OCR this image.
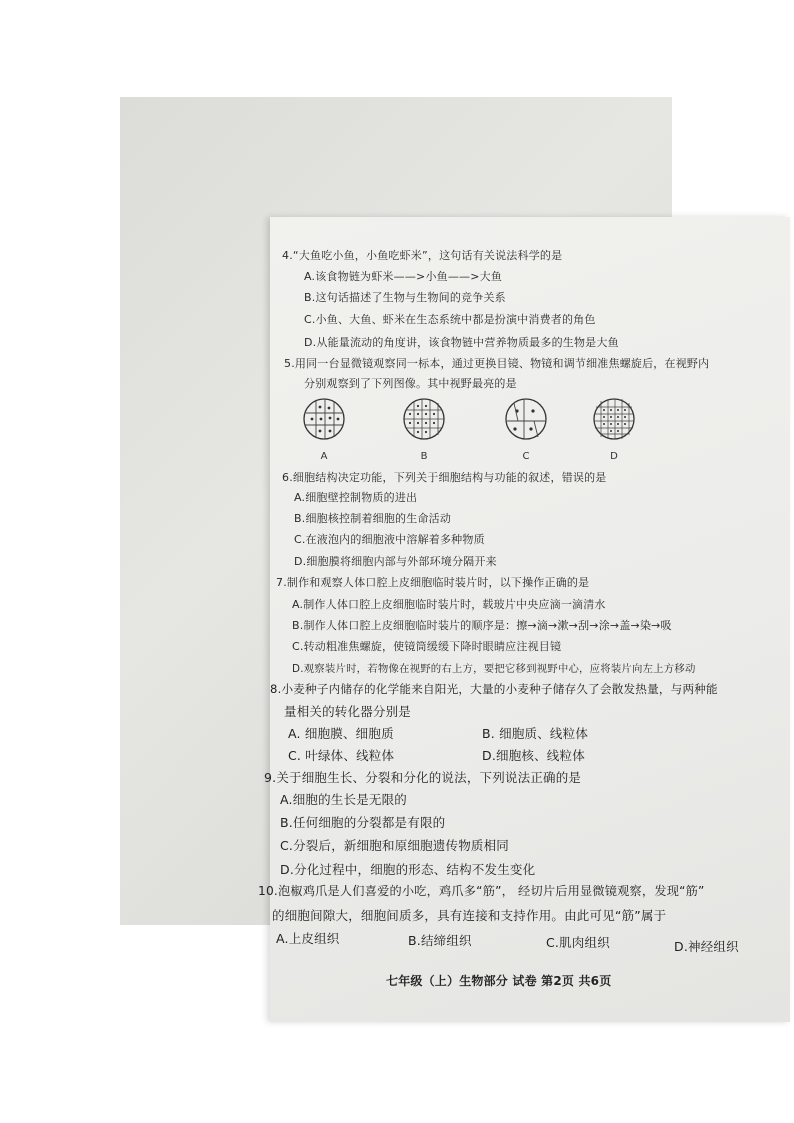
4.“大鱼吃小鱼，小鱼吃虾米”，这句话有关说法科学的是
A.该食物链为虾米——>小鱼——>大鱼
B.这句话描述了生物与生物间的竞争关系
C.小鱼、大鱼、虾米在生态系统中都是扮演中消费者的角色
D.从能量流动的角度讲，该食物链中营养物质最多的生物是大鱼
5.用同一台显微镜观察同一标本，通过更换目镜、物镜和调节细准焦螺旋后，在视野内
分别观察到了下列图像。其中视野最亮的是
A	B	C	D
6.细胞结构决定功能，下列关于细胞结构与功能的叙述，错误的是
A.细胞壁控制物质的进出
B.细胞核控制着细胞的生命活动
C.在液泡内的细胞液中溶解着多种物质
D.细胞膜将细胞内部与外部环境分隔开来
7.制作和观察人体口腔上皮细胞临时装片时，以下操作正确的是
A.制作人体口腔上皮细胞临时装片时，载玻片中央应滴一滴清水
B.制作人体口腔上皮细胞临时装片的顺序是：擦→滴→漱→刮→涂→盖→染→吸
C.转动粗准焦螺旋，使镜筒缓缓下降时眼睛应注视目镜
D.观察装片时，若物像在视野的右上方，要把它移到视野中心，应将装片向左上方移动
8.小麦种子内储存的化学能来自阳光，大量的小麦种子储存久了会散发热量，与两种能
量相关的转化器分别是
A. 细胞膜、细胞质	B. 细胞质、线粒体
C. 叶绿体、线粒体	D.细胞核、线粒体
9.关于细胞生长、分裂和分化的说法，下列说法正确的是
A.细胞的生长是无限的
B.任何细胞的分裂都是有限的
C.分裂后，新细胞和原细胞遗传物质相同
D.分化过程中，细胞的形态、结构不发生变化
10.泡椒鸡爪是人们喜爱的小吃，鸡爪多“筋”， 经切片后用显微镜观察，发现“筋”
的细胞间隙大，细胞间质多，具有连接和支持作用。由此可见“筋”属于
A.上皮组织	B.结缔组织	C.肌肉组织	D.神经组织
七年级（上）生物部分 试卷 第2页 共6页
